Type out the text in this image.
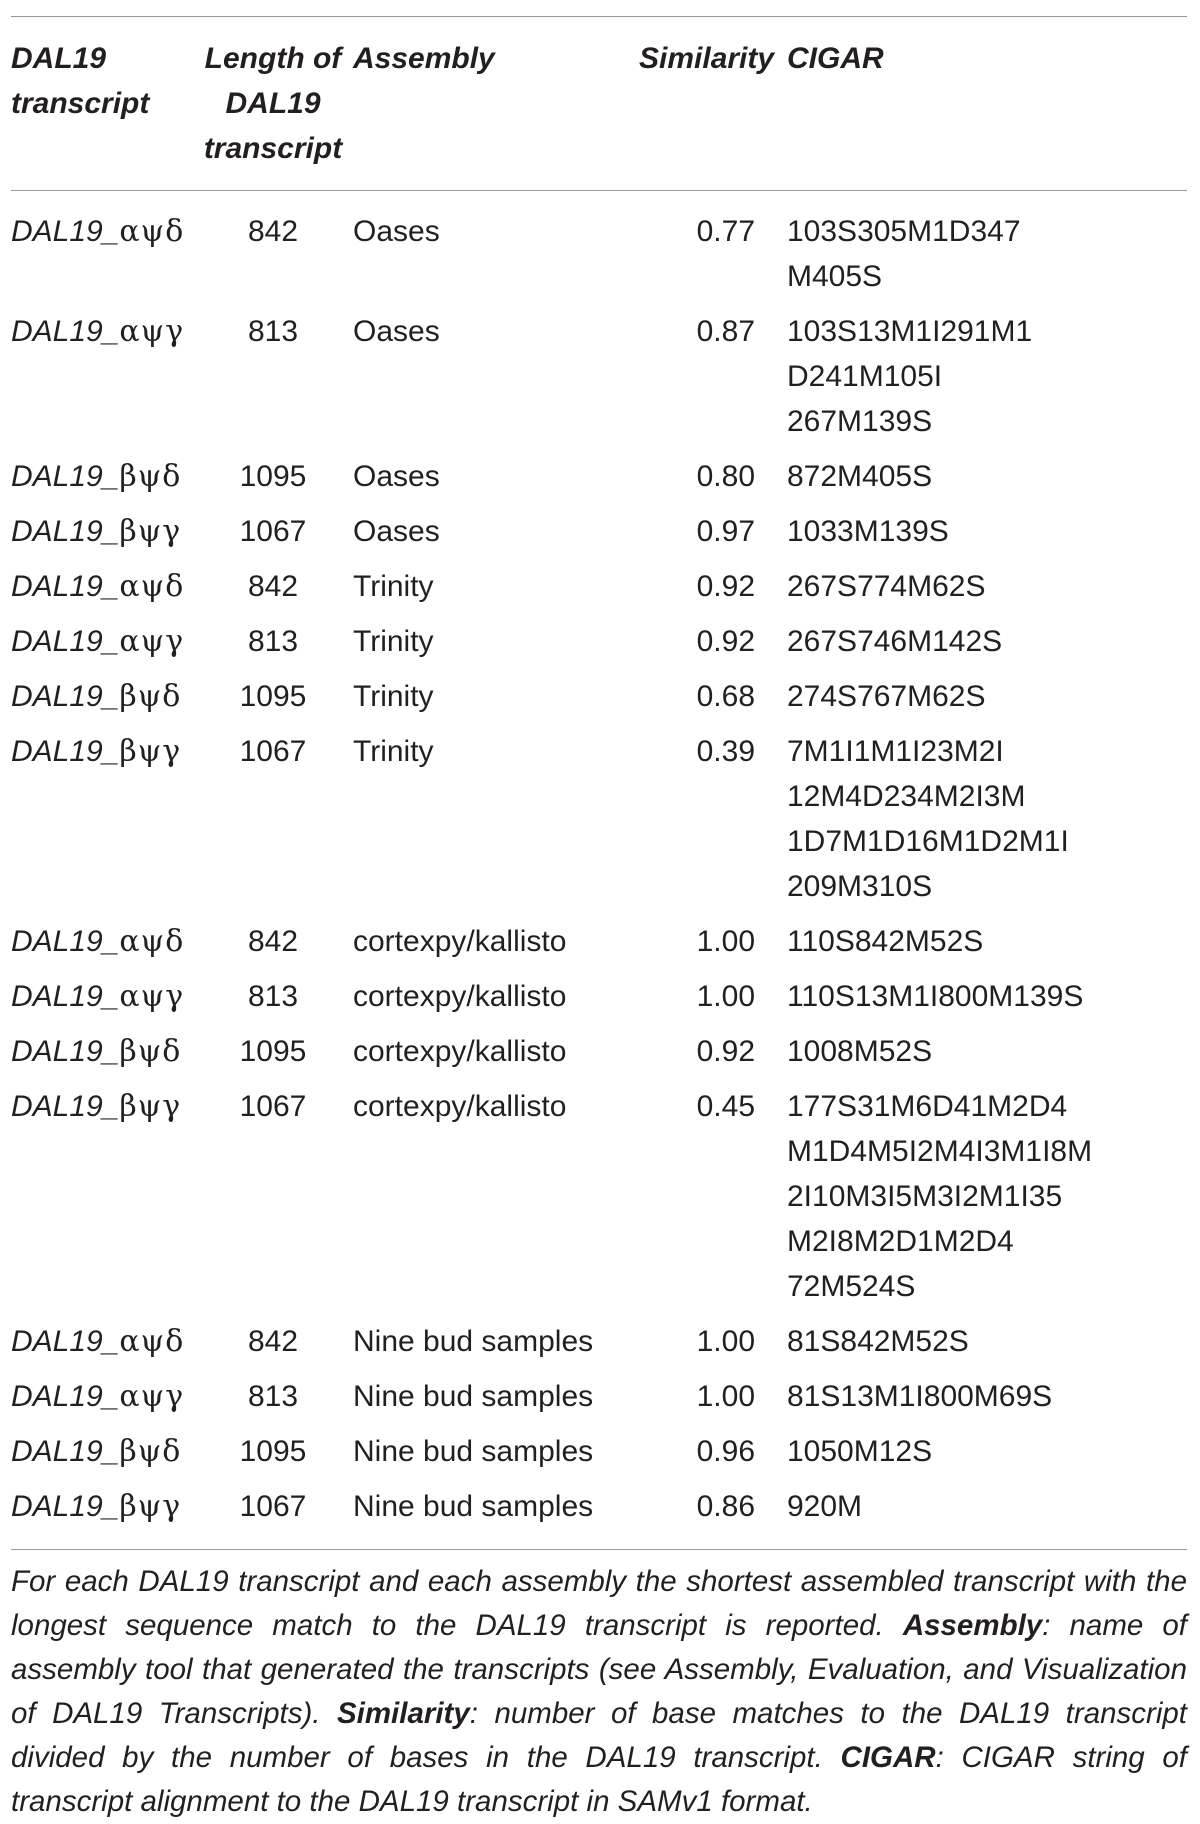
DAL19 transcript	Length of DAL19 transcript	Assembly	Similarity	CIGAR
DAL19_αψδ	842	Oases	0.77	103S305M1D347
M405S

DAL19_αψγ	813	Oases	0.87	103S13M1I291M1
D241M105I
267M139S

DAL19_βψδ	1095	Oases	0.80	872M405S

DAL19_βψγ	1067	Oases	0.97	1033M139S

DAL19_αψδ	842	Trinity	0.92	267S774M62S

DAL19_αψγ	813	Trinity	0.92	267S746M142S

DAL19_βψδ	1095	Trinity	0.68	274S767M62S

DAL19_βψγ	1067	Trinity	0.39	7M1I1M1I23M2I
12M4D234M2I3M
1D7M1D16M1D2M1I
209M310S

DAL19_αψδ	842	cortexpy/kallisto	1.00	110S842M52S

DAL19_αψγ	813	cortexpy/kallisto	1.00	110S13M1I800M139S

DAL19_βψδ	1095	cortexpy/kallisto	0.92	1008M52S

DAL19_βψγ	1067	cortexpy/kallisto	0.45	177S31M6D41M2D4
M1D4M5I2M4I3M1I8M
2I10M3I5M3I2M1I35
M2I8M2D1M2D4
72M524S

DAL19_αψδ	842	Nine bud samples	1.00	81S842M52S

DAL19_αψγ	813	Nine bud samples	1.00	81S13M1I800M69S

DAL19_βψδ	1095	Nine bud samples	0.96	1050M12S

DAL19_βψγ	1067	Nine bud samples	0.86	920M
For each DAL19 transcript and each assembly the shortest assembled transcript with the longest sequence match to the DAL19 transcript is reported. Assembly: name of assembly tool that generated the transcripts (see Assembly, Evaluation, and Visualization of DAL19 Transcripts). Similarity: number of base matches to the DAL19 transcript divided by the number of bases in the DAL19 transcript. CIGAR: CIGAR string of transcript alignment to the DAL19 transcript in SAMv1 format.
